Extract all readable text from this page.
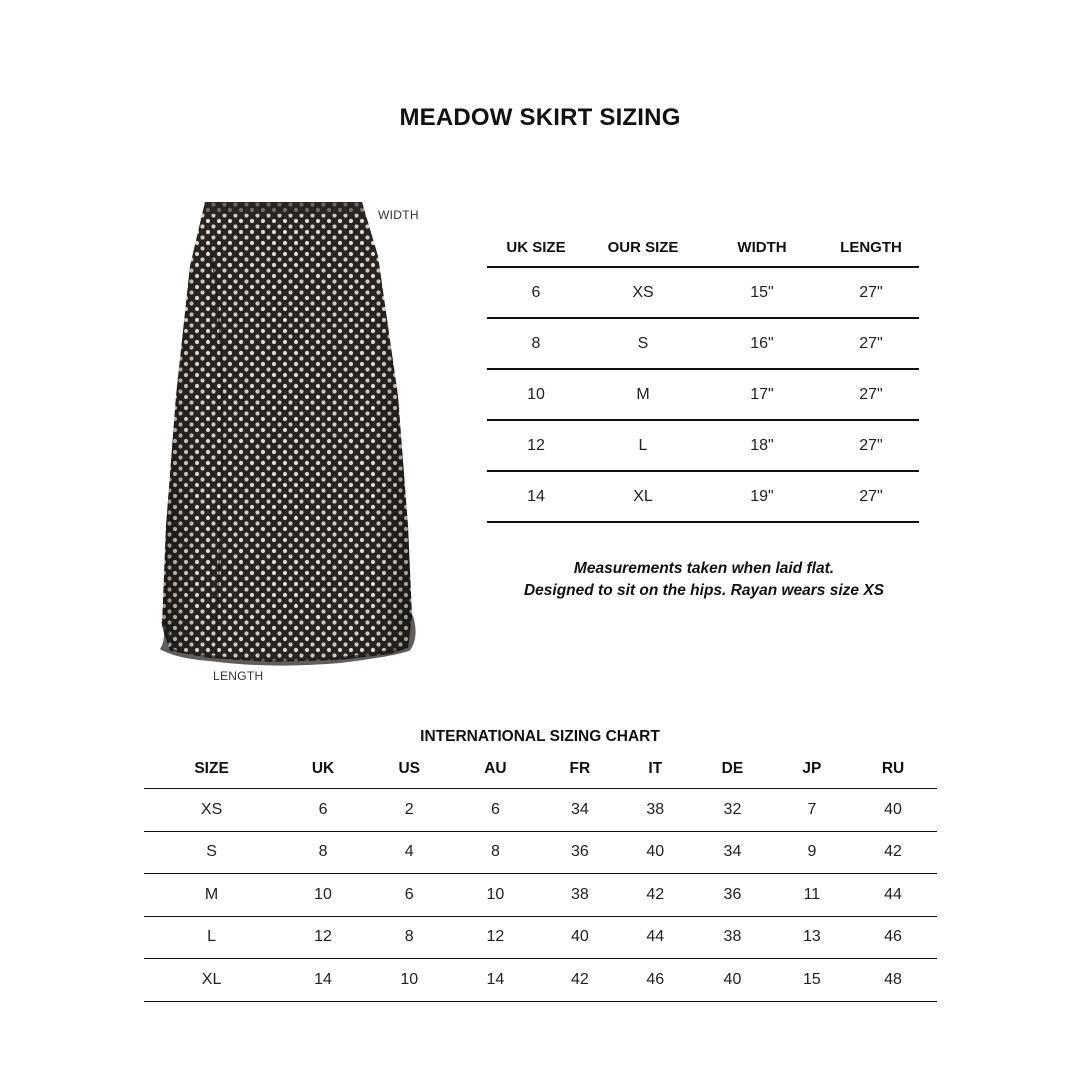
MEADOW SKIRT SIZING
WIDTH
LENGTH
UK SIZE	OUR SIZE	WIDTH	LENGTH
6	XS	15"	27"
8	S	16"	27"
10	M	17"	27"
12	L	18"	27"
14	XL	19"	27"
Measurements taken when laid flat.
Designed to sit on the hips. Rayan wears size XS
INTERNATIONAL SIZING CHART
SIZE	UK	US	AU	FR	IT	DE	JP	RU
XS	6	2	6	34	38	32	7	40
S	8	4	8	36	40	34	9	42
M	10	6	10	38	42	36	11	44
L	12	8	12	40	44	38	13	46
XL	14	10	14	42	46	40	15	48
